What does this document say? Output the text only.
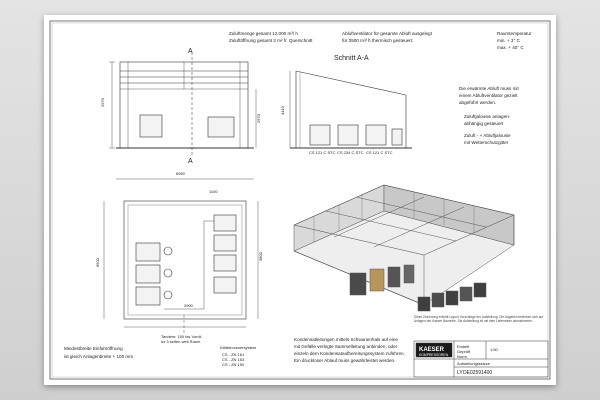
Zuluftmenge gesamt 12.000 m³/ h
Zuluftöffnung gesamt 2 m² fr. Querschnitt
Abluftventilator für gesamte Abluft ausgelegt
für 3500 m³/ h thermisch gesteuert.
Raumtemperatur
min. + 3° C
max. + 40° C
A
A
2970
2970
Schnitt A-A
4410
CS 121 C STC CS 234 C STC CS 121 C STC
Die erwärmte Abluft muss mit
einem Abluftventilator gezielt
abgeführt werden.
Zuluftjalousie anlagen-
abhängig gesteuert
Zuluft - + Abluftjalousie
mit Wetterschutzgitter
6950
6500
1100
3800
2900
Tandem: 150 bis Vordt.
so 3 seiten weit Raum
Kältetrocknersystem
CS - ZN 161
CS - ZN 163
CS - ZN 150
Mindestbreite Einfahröffnung
ist gleich Anlagenbreite + 100 mm
Kondensatleitungen mittels Schwanenhals auf eine
mit Gefälle verlegte Sammelleitung anbinden, oder
einzeln dem Kondensataufbereitungssystem zuführen.
Ein druckloser Ablauf muss gewährleistet werden.
Diese Zeichnung enthält Layout Vorschläge der Aufstellung. Die Angaben beziehen sich auf Anlagen der Kaeser Baureihe. Die Aufstellung ist mit dem Lieferanten abzustimmen.
KAESER
KOMPRESSOREN
Erstellt
Geprüft
Norm
1:50
Aufstellungsskizze
LYOE02591400
